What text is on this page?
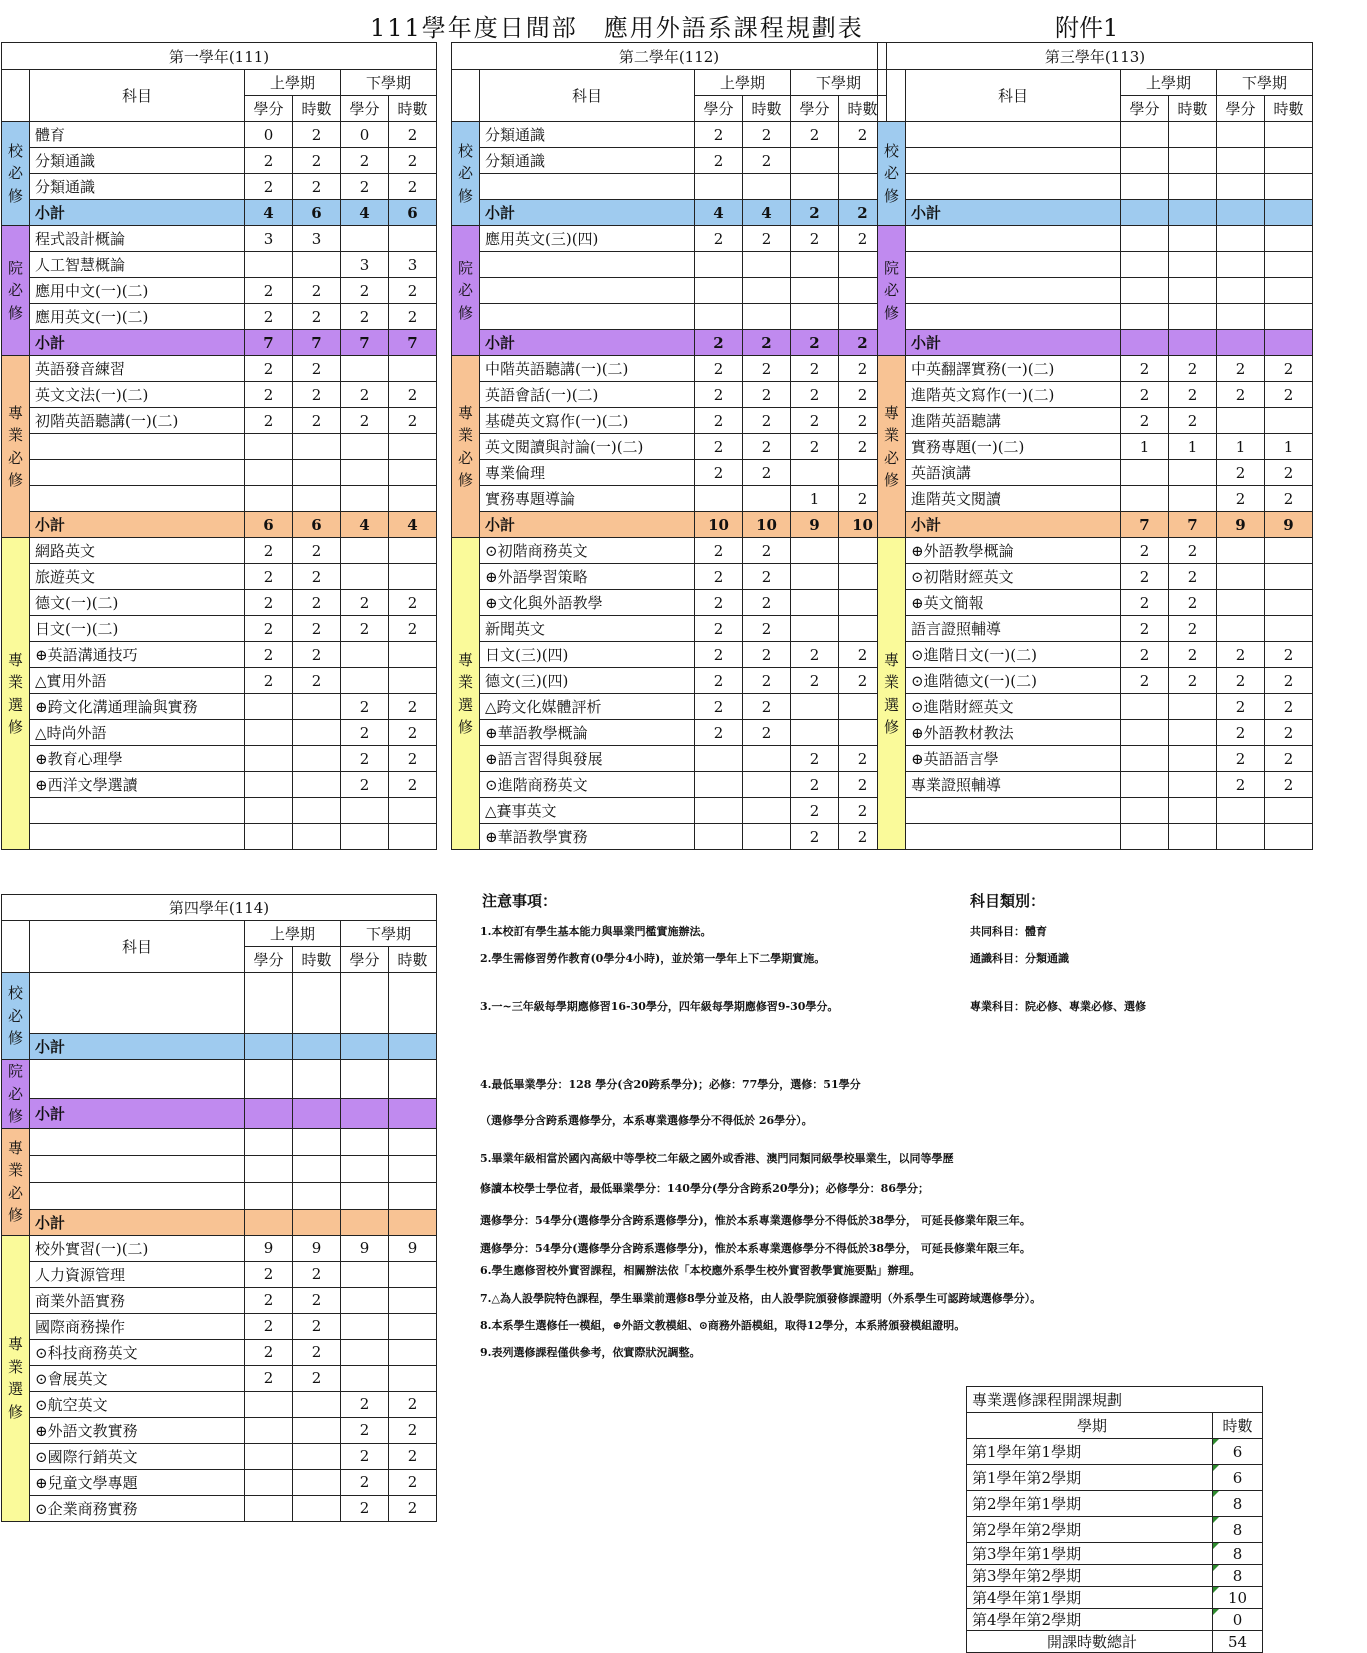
111學年度日間部　應用外語系課程規劃表	附件1
第一學年(111)					
	科目	上學期		下學期	
		學分	時數	學分	時數
校必修	體育	0	2	0	2
	分類通識	2	2	2	2
	分類通識	2	2	2	2
	小計	4	6	4	6
院必修	程式設計概論	3	3		
	人工智慧概論			3	3
	應用中文(一)(二)	2	2	2	2
	應用英文(一)(二)	2	2	2	2
	小計	7	7	7	7
專業必修	英語發音練習	2	2		
	英文文法(一)(二)	2	2	2	2
	初階英語聽講(一)(二)	2	2	2	2

	小計	6	6	4	4
專業選修	網路英文	2	2		
	旅遊英文	2	2		
	德文(一)(二)	2	2	2	2
	日文(一)(二)	2	2	2	2
	⊕英語溝通技巧	2	2		
	△實用外語	2	2		
	⊕跨文化溝通理論與實務			2	2
	△時尚外語			2	2
	⊕教育心理學			2	2
	⊕西洋文學選讀			2	2

第二學年(112)					
	科目	上學期		下學期	
		學分	時數	學分	時數
校必修	分類通識	2	2	2	2
	分類通識	2	2		

	小計	4	4	2	2
院必修	應用英文(三)(四)	2	2	2	2

	小計	2	2	2	2
專業必修	中階英語聽講(一)(二)	2	2	2	2
	英語會話(一)(二)	2	2	2	2
	基礎英文寫作(一)(二)	2	2	2	2
	英文閱讀與討論(一)(二)	2	2	2	2
	專業倫理	2	2		
	實務專題導論			1	2
	小計	10	10	9	10
專業選修	⊙初階商務英文	2	2		
	⊕外語學習策略	2	2		
	⊕文化與外語教學	2	2		
	新聞英文	2	2		
	日文(三)(四)	2	2	2	2
	德文(三)(四)	2	2	2	2
	△跨文化媒體評析	2	2		
	⊕華語教學概論	2	2		
	⊕語言習得與發展			2	2
	⊙進階商務英文			2	2
	△賽事英文			2	2
	⊕華語教學實務			2	2
第三學年(113)					
	科目	上學期		下學期	
		學分	時數	學分	時數
校必修					

	小計				
院必修					

	小計				
專業必修	中英翻譯實務(一)(二)	2	2	2	2
	進階英文寫作(一)(二)	2	2	2	2
	進階英語聽講	2	2		
	實務專題(一)(二)	1	1	1	1
	英語演講			2	2
	進階英文閱讀			2	2
	小計	7	7	9	9
專業選修	⊕外語教學概論	2	2		
	⊙初階財經英文	2	2		
	⊕英文簡報	2	2		
	語言證照輔導	2	2		
	⊙進階日文(一)(二)	2	2	2	2
	⊙進階德文(一)(二)	2	2	2	2
	⊙進階財經英文			2	2
	⊕外語教材教法			2	2
	⊕英語語言學			2	2
	專業證照輔導			2	2

第四學年(114)					
	科目	上學期		下學期	
		學分	時數	學分	時數
校必修					
	小計				
院必修					
	小計				
專業必修					

	小計				
專業選修	校外實習(一)(二)	9	9	9	9
	人力資源管理	2	2		
	商業外語實務	2	2		
	國際商務操作	2	2		
	⊙科技商務英文	2	2		
	⊙會展英文	2	2		
	⊙航空英文			2	2
	⊕外語文教實務			2	2
	⊙國際行銷英文			2	2
	⊕兒童文學專題			2	2
	⊙企業商務實務			2	2
注意事項：
1.本校訂有學生基本能力與畢業門檻實施辦法。
2.學生需修習勞作教育(0學分4小時)，並於第一學年上下二學期實施。
3.一~三年級每學期應修習16-30學分，四年級每學期應修習9-30學分。
4.最低畢業學分：128 學分(含20跨系學分)；必修：77學分，選修：51學分
（選修學分含跨系選修學分，本系專業選修學分不得低於 26學分）。
5.畢業年級相當於國內高級中等學校二年級之國外或香港、澳門同類同級學校畢業生，以同等學歷
修讀本校學士學位者，最低畢業學分：140學分(學分含跨系20學分)；必修學分：86學分；
選修學分：54學分(選修學分含跨系選修學分)，惟於本系專業選修學分不得低於38學分， 可延長修業年限三年。
選修學分：54學分(選修學分含跨系選修學分)，惟於本系專業選修學分不得低於38學分， 可延長修業年限三年。
6.學生應修習校外實習課程，相關辦法依「本校應外系學生校外實習教學實施要點」辦理。
7.△為人設學院特色課程，學生畢業前選修8學分並及格，由人設學院頒發修課證明（外系學生可認跨域選修學分）。
8.本系學生選修任一模組，⊕外語文教模組、⊙商務外語模組，取得12學分，本系將頒發模組證明。
9.表列選修課程僅供參考，依實際狀況調整。
科目類別：
共同科目：體育
通識科目：分類通識
專業科目：院必修、專業必修、選修
專業選修課程開課規劃	
學期	時數
第1學年第1學期	6

第1學年第2學期	6

第2學年第1學期	8

第2學年第2學期	8

第3學年第1學期	8

第3學年第2學期	8

第4學年第1學期	10

第4學年第2學期	0

開課時數總計	54
